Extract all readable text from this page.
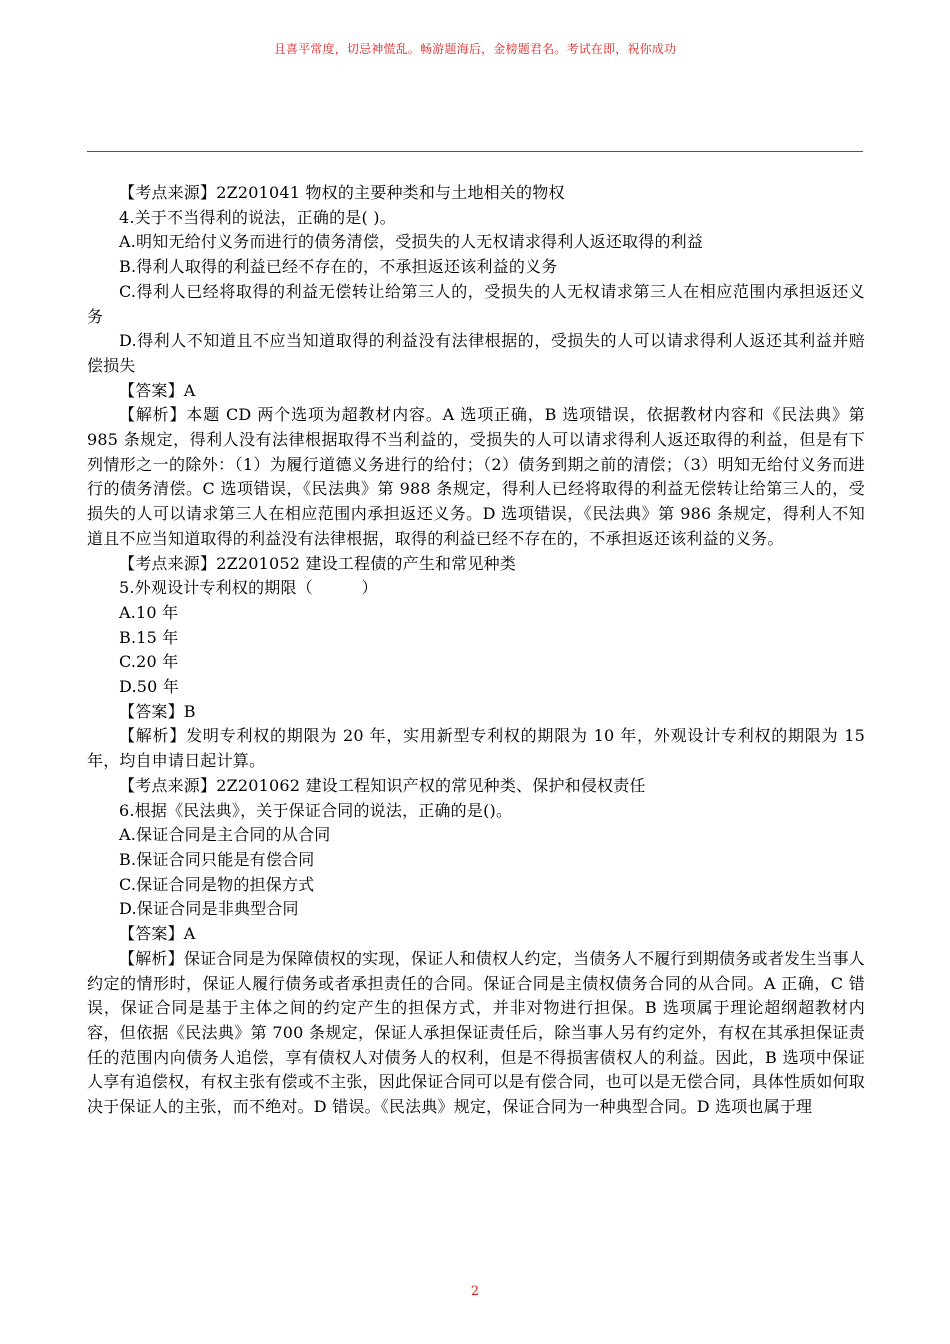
且喜平常度，切忌神慌乱。畅游题海后，金榜题君名。考试在即，祝你成功

【考点来源】2Z201041 物权的主要种类和与土地相关的物权

4.关于不当得利的说法，正确的是( )。

A.明知无给付义务而进行的债务清偿，受损失的人无权请求得利人返还取得的利益

B.得利人取得的利益已经不存在的，不承担返还该利益的义务

C.得利人已经将取得的利益无偿转让给第三人的，受损失的人无权请求第三人在相应范围内承担返还义务

D.得利人不知道且不应当知道取得的利益没有法律根据的，受损失的人可以请求得利人返还其利益并赔偿损失

【答案】A

【解析】本题 CD 两个选项为超教材内容。A 选项正确，B 选项错误，依据教材内容和《民法典》第 985 条规定，得利人没有法律根据取得不当利益的，受损失的人可以请求得利人返还取得的利益，但是有下列情形之一的除外：（1）为履行道德义务进行的给付；（2）债务到期之前的清偿；（3）明知无给付义务而进行的债务清偿。C 选项错误，《民法典》第 988 条规定，得利人已经将取得的利益无偿转让给第三人的，受损失的人可以请求第三人在相应范围内承担返还义务。D 选项错误，《民法典》第 986 条规定，得利人不知道且不应当知道取得的利益没有法律根据，取得的利益已经不存在的，不承担返还该利益的义务。

【考点来源】2Z201052 建设工程债的产生和常见种类

5.外观设计专利权的期限（　　　）

A.10 年

B.15 年

C.20 年

D.50 年

【答案】B

【解析】发明专利权的期限为 20 年，实用新型专利权的期限为 10 年，外观设计专利权的期限为 15 年，均自申请日起计算。

【考点来源】2Z201062 建设工程知识产权的常见种类、保护和侵权责任

6.根据《民法典》，关于保证合同的说法，正确的是()。

A.保证合同是主合同的从合同

B.保证合同只能是有偿合同

C.保证合同是物的担保方式

D.保证合同是非典型合同

【答案】A

【解析】保证合同是为保障债权的实现，保证人和债权人约定，当债务人不履行到期债务或者发生当事人约定的情形时，保证人履行债务或者承担责任的合同。保证合同是主债权债务合同的从合同。A 正确，C 错误，保证合同是基于主体之间的约定产生的担保方式，并非对物进行担保。B 选项属于理论超纲超教材内容，但依据《民法典》第 700 条规定，保证人承担保证责任后，除当事人另有约定外，有权在其承担保证责任的范围内向债务人追偿，享有债权人对债务人的权利，但是不得损害债权人的利益。因此，B 选项中保证人享有追偿权，有权主张有偿或不主张，因此保证合同可以是有偿合同，也可以是无偿合同，具体性质如何取决于保证人的主张，而不绝对。D 错误。《民法典》规定，保证合同为一种典型合同。D 选项也属于理

2
